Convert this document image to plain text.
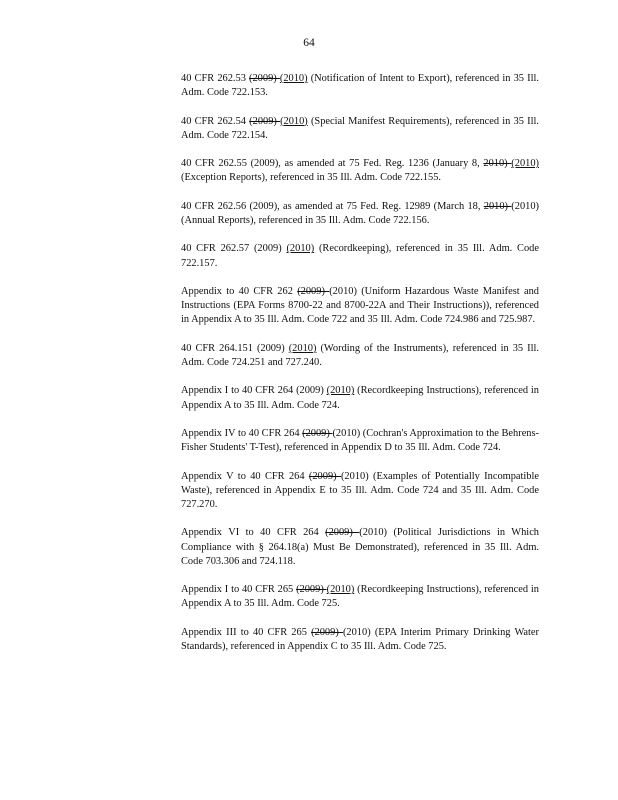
64

40 CFR 262.53 (2009) (2010) (Notification of Intent to Export), referenced in 35 Ill. Adm. Code 722.153.

40 CFR 262.54 (2009) (2010) (Special Manifest Requirements), referenced in 35 Ill. Adm. Code 722.154.

40 CFR 262.55 (2009), as amended at 75 Fed. Reg. 1236 (January 8, 2010) (2010) (Exception Reports), referenced in 35 Ill. Adm. Code 722.155.

40 CFR 262.56 (2009), as amended at 75 Fed. Reg. 12989 (March 18, 2010) (2010) (Annual Reports), referenced in 35 Ill. Adm. Code 722.156.

40 CFR 262.57 (2009) (2010) (Recordkeeping), referenced in 35 Ill. Adm. Code 722.157.

Appendix to 40 CFR 262 (2009) (2010) (Uniform Hazardous Waste Manifest and Instructions (EPA Forms 8700-22 and 8700-22A and Their Instructions)), referenced in Appendix A to 35 Ill. Adm. Code 722 and 35 Ill. Adm. Code 724.986 and 725.987.

40 CFR 264.151 (2009) (2010) (Wording of the Instruments), referenced in 35 Ill. Adm. Code 724.251 and 727.240.

Appendix I to 40 CFR 264 (2009) (2010) (Recordkeeping Instructions), referenced in Appendix A to 35 Ill. Adm. Code 724.

Appendix IV to 40 CFR 264 (2009) (2010) (Cochran's Approximation to the Behrens-Fisher Students' T-Test), referenced in Appendix D to 35 Ill. Adm. Code 724.

Appendix V to 40 CFR 264 (2009) (2010) (Examples of Potentially Incompatible Waste), referenced in Appendix E to 35 Ill. Adm. Code 724 and 35 Ill. Adm. Code 727.270.

Appendix VI to 40 CFR 264 (2009) (2010) (Political Jurisdictions in Which Compliance with § 264.18(a) Must Be Demonstrated), referenced in 35 Ill. Adm. Code 703.306 and 724.118.

Appendix I to 40 CFR 265 (2009) (2010) (Recordkeeping Instructions), referenced in Appendix A to 35 Ill. Adm. Code 725.

Appendix III to 40 CFR 265 (2009) (2010) (EPA Interim Primary Drinking Water Standards), referenced in Appendix C to 35 Ill. Adm. Code 725.
